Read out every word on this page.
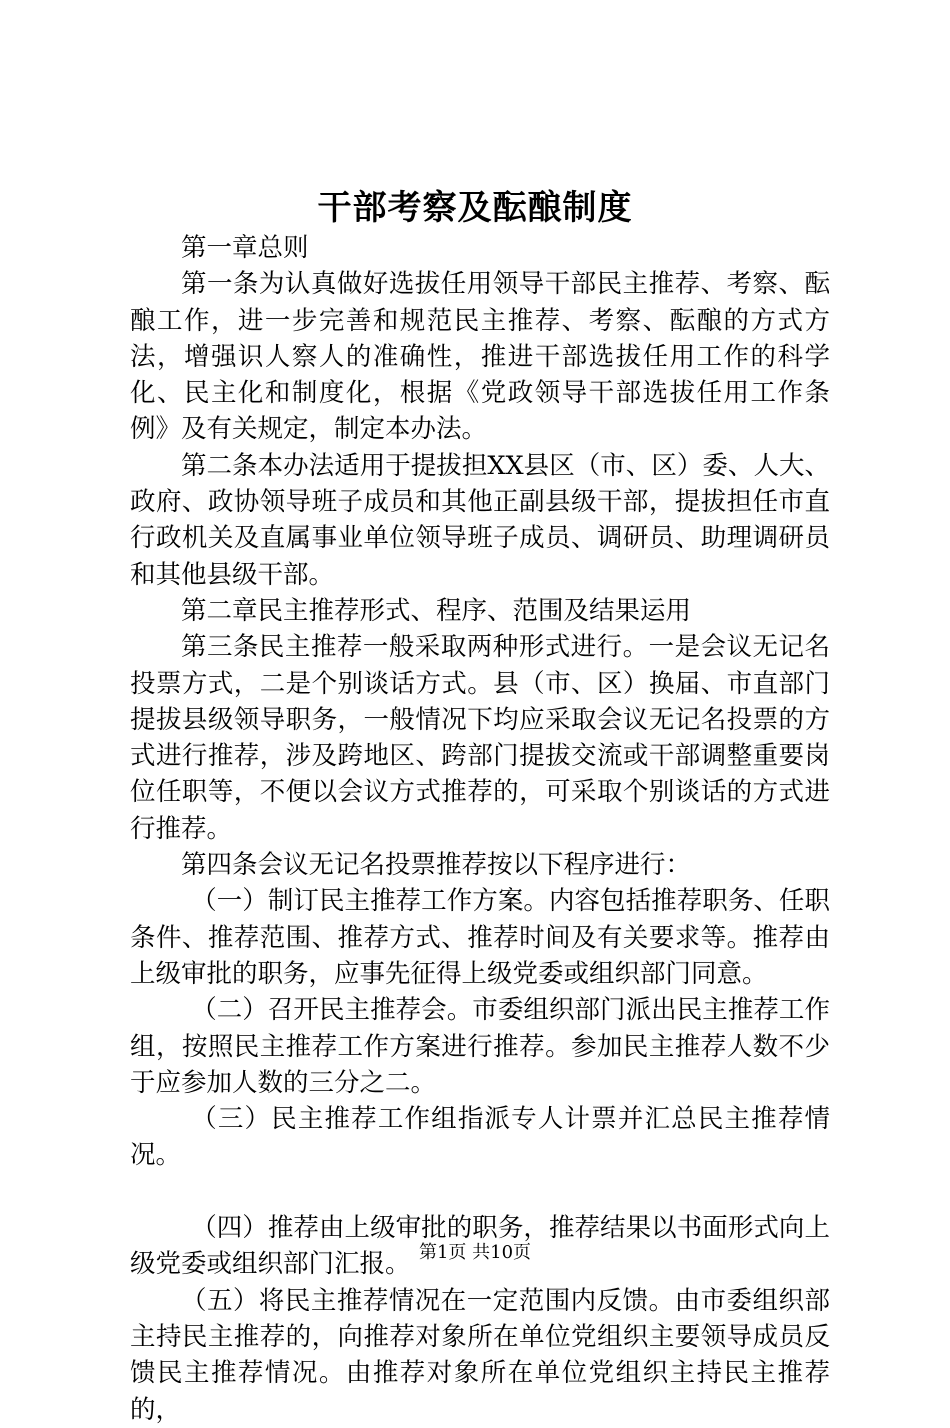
干部考察及酝酿制度

第一章总则

第一条为认真做好选拔任用领导干部民主推荐、考察、酝酿工作，进一步完善和规范民主推荐、考察、酝酿的方式方法，增强识人察人的准确性，推进干部选拔任用工作的科学化、民主化和制度化，根据《党政领导干部选拔任用工作条例》及有关规定，制定本办法。

第二条本办法适用于提拔担XX县区（市、区）委、人大、政府、政协领导班子成员和其他正副县级干部，提拔担任市直行政机关及直属事业单位领导班子成员、调研员、助理调研员和其他县级干部。

第二章民主推荐形式、程序、范围及结果运用

第三条民主推荐一般采取两种形式进行。一是会议无记名投票方式，二是个别谈话方式。县（市、区）换届、市直部门提拔县级领导职务，一般情况下均应采取会议无记名投票的方式进行推荐，涉及跨地区、跨部门提拔交流或干部调整重要岗位任职等，不便以会议方式推荐的，可采取个别谈话的方式进行推荐。

第四条会议无记名投票推荐按以下程序进行：

（一）制订民主推荐工作方案。内容包括推荐职务、任职条件、推荐范围、推荐方式、推荐时间及有关要求等。推荐由上级审批的职务，应事先征得上级党委或组织部门同意。

（二）召开民主推荐会。市委组织部门派出民主推荐工作组，按照民主推荐工作方案进行推荐。参加民主推荐人数不少于应参加人数的三分之二。

（三）民主推荐工作组指派专人计票并汇总民主推荐情况。

（四）推荐由上级审批的职务，推荐结果以书面形式向上级党委或组织部门汇报。

（五）将民主推荐情况在一定范围内反馈。由市委组织部主持民主推荐的，向推荐对象所在单位党组织主要领导成员反馈民主推荐情况。由推荐对象所在单位党组织主持民主推荐的，

第1页 共10页
